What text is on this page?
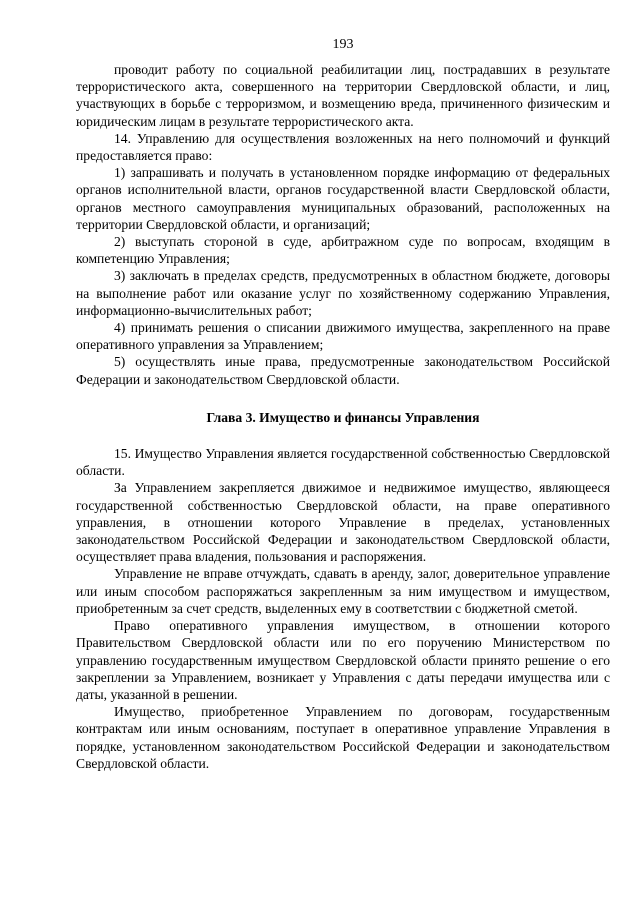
193

проводит работу по социальной реабилитации лиц, пострадавших в результате террористического акта, совершенного на территории Свердловской области, и лиц, участвующих в борьбе с терроризмом, и возмещению вреда, причиненного физическим и юридическим лицам в результате террористического акта.

14. Управлению для осуществления возложенных на него полномочий и функций предоставляется право:

1) запрашивать и получать в установленном порядке информацию от федеральных органов исполнительной власти, органов государственной власти Свердловской области, органов местного самоуправления муниципальных образований, расположенных на территории Свердловской области, и организаций;

2) выступать стороной в суде, арбитражном суде по вопросам, входящим в компетенцию Управления;

3) заключать в пределах средств, предусмотренных в областном бюджете, договоры на выполнение работ или оказание услуг по хозяйственному содержанию Управления, информационно-вычислительных работ;

4) принимать решения о списании движимого имущества, закрепленного на праве оперативного управления за Управлением;

5) осуществлять иные права, предусмотренные законодательством Российской Федерации и законодательством Свердловской области.

Глава 3. Имущество и финансы Управления

15. Имущество Управления является государственной собственностью Свердловской области.

За Управлением закрепляется движимое и недвижимое имущество, являющееся государственной собственностью Свердловской области, на праве оперативного управления, в отношении которого Управление в пределах, установленных законодательством Российской Федерации и законодательством Свердловской области, осуществляет права владения, пользования и распоряжения.

Управление не вправе отчуждать, сдавать в аренду, залог, доверительное управление или иным способом распоряжаться закрепленным за ним имуществом и имуществом, приобретенным за счет средств, выделенных ему в соответствии с бюджетной сметой.

Право оперативного управления имуществом, в отношении которого Правительством Свердловской области или по его поручению Министерством по управлению государственным имуществом Свердловской области принято решение о его закреплении за Управлением, возникает у Управления с даты передачи имущества или с даты, указанной в решении.

Имущество, приобретенное Управлением по договорам, государственным контрактам или иным основаниям, поступает в оперативное управление Управления в порядке, установленном законодательством Российской Федерации и законодательством Свердловской области.
